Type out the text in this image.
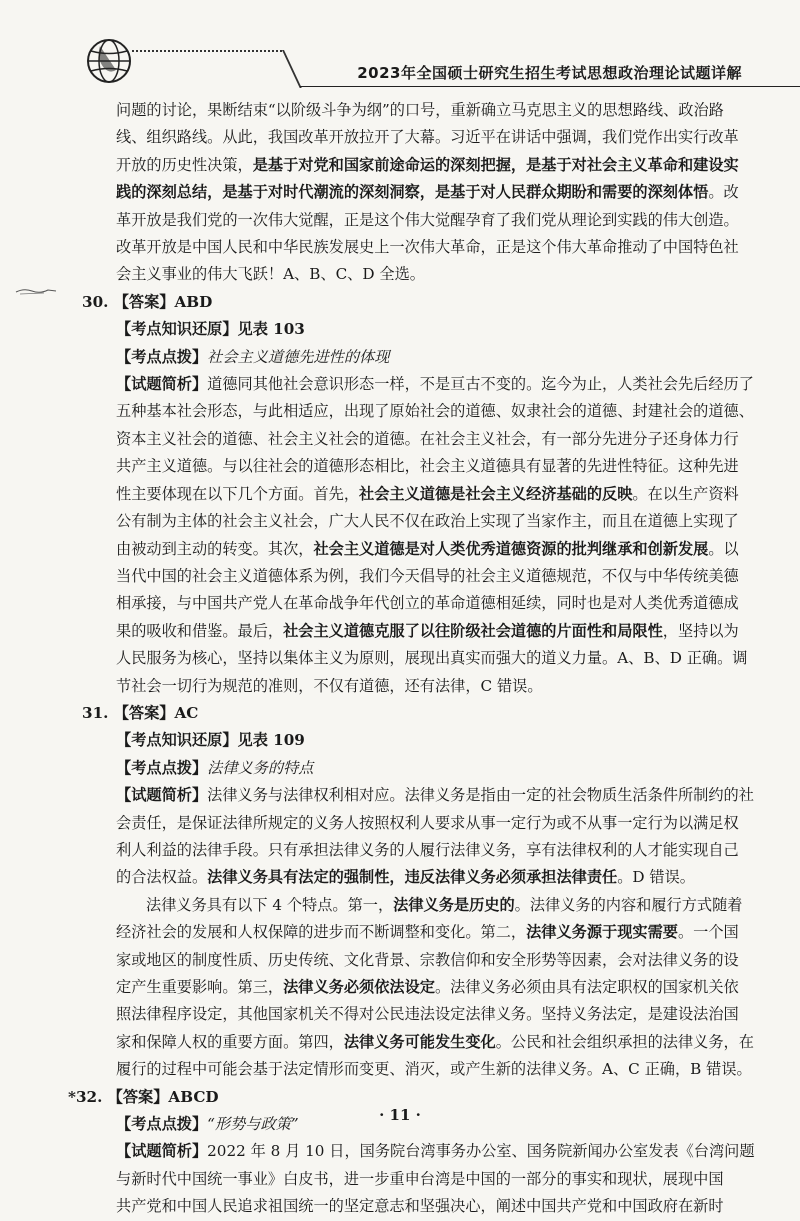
2023年全国硕士研究生招生考试思想政治理论试题详解

问题的讨论，果断结束“以阶级斗争为纲”的口号，重新确立马克思主义的思想路线、政治路

线、组织路线。从此，我国改革开放拉开了大幕。习近平在讲话中强调，我们党作出实行改革

开放的历史性决策，是基于对党和国家前途命运的深刻把握，是基于对社会主义革命和建设实

践的深刻总结，是基于对时代潮流的深刻洞察，是基于对人民群众期盼和需要的深刻体悟。改

革开放是我们党的一次伟大觉醒，正是这个伟大觉醒孕育了我们党从理论到实践的伟大创造。

改革开放是中国人民和中华民族发展史上一次伟大革命，正是这个伟大革命推动了中国特色社

会主义事业的伟大飞跃！A、B、C、D 全选。

30. 【答案】ABD

【考点知识还原】见表 103

【考点点拨】社会主义道德先进性的体现

【试题简析】道德同其他社会意识形态一样，不是亘古不变的。迄今为止，人类社会先后经历了

五种基本社会形态，与此相适应，出现了原始社会的道德、奴隶社会的道德、封建社会的道德、

资本主义社会的道德、社会主义社会的道德。在社会主义社会，有一部分先进分子还身体力行

共产主义道德。与以往社会的道德形态相比，社会主义道德具有显著的先进性特征。这种先进

性主要体现在以下几个方面。首先，社会主义道德是社会主义经济基础的反映。在以生产资料

公有制为主体的社会主义社会，广大人民不仅在政治上实现了当家作主，而且在道德上实现了

由被动到主动的转变。其次，社会主义道德是对人类优秀道德资源的批判继承和创新发展。以

当代中国的社会主义道德体系为例，我们今天倡导的社会主义道德规范，不仅与中华传统美德

相承接，与中国共产党人在革命战争年代创立的革命道德相延续，同时也是对人类优秀道德成

果的吸收和借鉴。最后，社会主义道德克服了以往阶级社会道德的片面性和局限性，坚持以为

人民服务为核心，坚持以集体主义为原则，展现出真实而强大的道义力量。A、B、D 正确。调

节社会一切行为规范的准则，不仅有道德，还有法律，C 错误。

31. 【答案】AC

【考点知识还原】见表 109

【考点点拨】法律义务的特点

【试题简析】法律义务与法律权利相对应。法律义务是指由一定的社会物质生活条件所制约的社

会责任，是保证法律所规定的义务人按照权利人要求从事一定行为或不从事一定行为以满足权

利人利益的法律手段。只有承担法律义务的人履行法律义务，享有法律权利的人才能实现自己

的合法权益。法律义务具有法定的强制性，违反法律义务必须承担法律责任。D 错误。

法律义务具有以下 4 个特点。第一，法律义务是历史的。法律义务的内容和履行方式随着

经济社会的发展和人权保障的进步而不断调整和变化。第二，法律义务源于现实需要。一个国

家或地区的制度性质、历史传统、文化背景、宗教信仰和安全形势等因素，会对法律义务的设

定产生重要影响。第三，法律义务必须依法设定。法律义务必须由具有法定职权的国家机关依

照法律程序设定，其他国家机关不得对公民违法设定法律义务。坚持义务法定，是建设法治国

家和保障人权的重要方面。第四，法律义务可能发生变化。公民和社会组织承担的法律义务，在

履行的过程中可能会基于法定情形而变更、消灭，或产生新的法律义务。A、C 正确，B 错误。

*32. 【答案】ABCD

【考点点拨】“形势与政策”

【试题简析】2022 年 8 月 10 日，国务院台湾事务办公室、国务院新闻办公室发表《台湾问题

与新时代中国统一事业》白皮书，进一步重申台湾是中国的一部分的事实和现状，展现中国

共产党和中国人民追求祖国统一的坚定意志和坚强决心，阐述中国共产党和中国政府在新时

· 11 ·
